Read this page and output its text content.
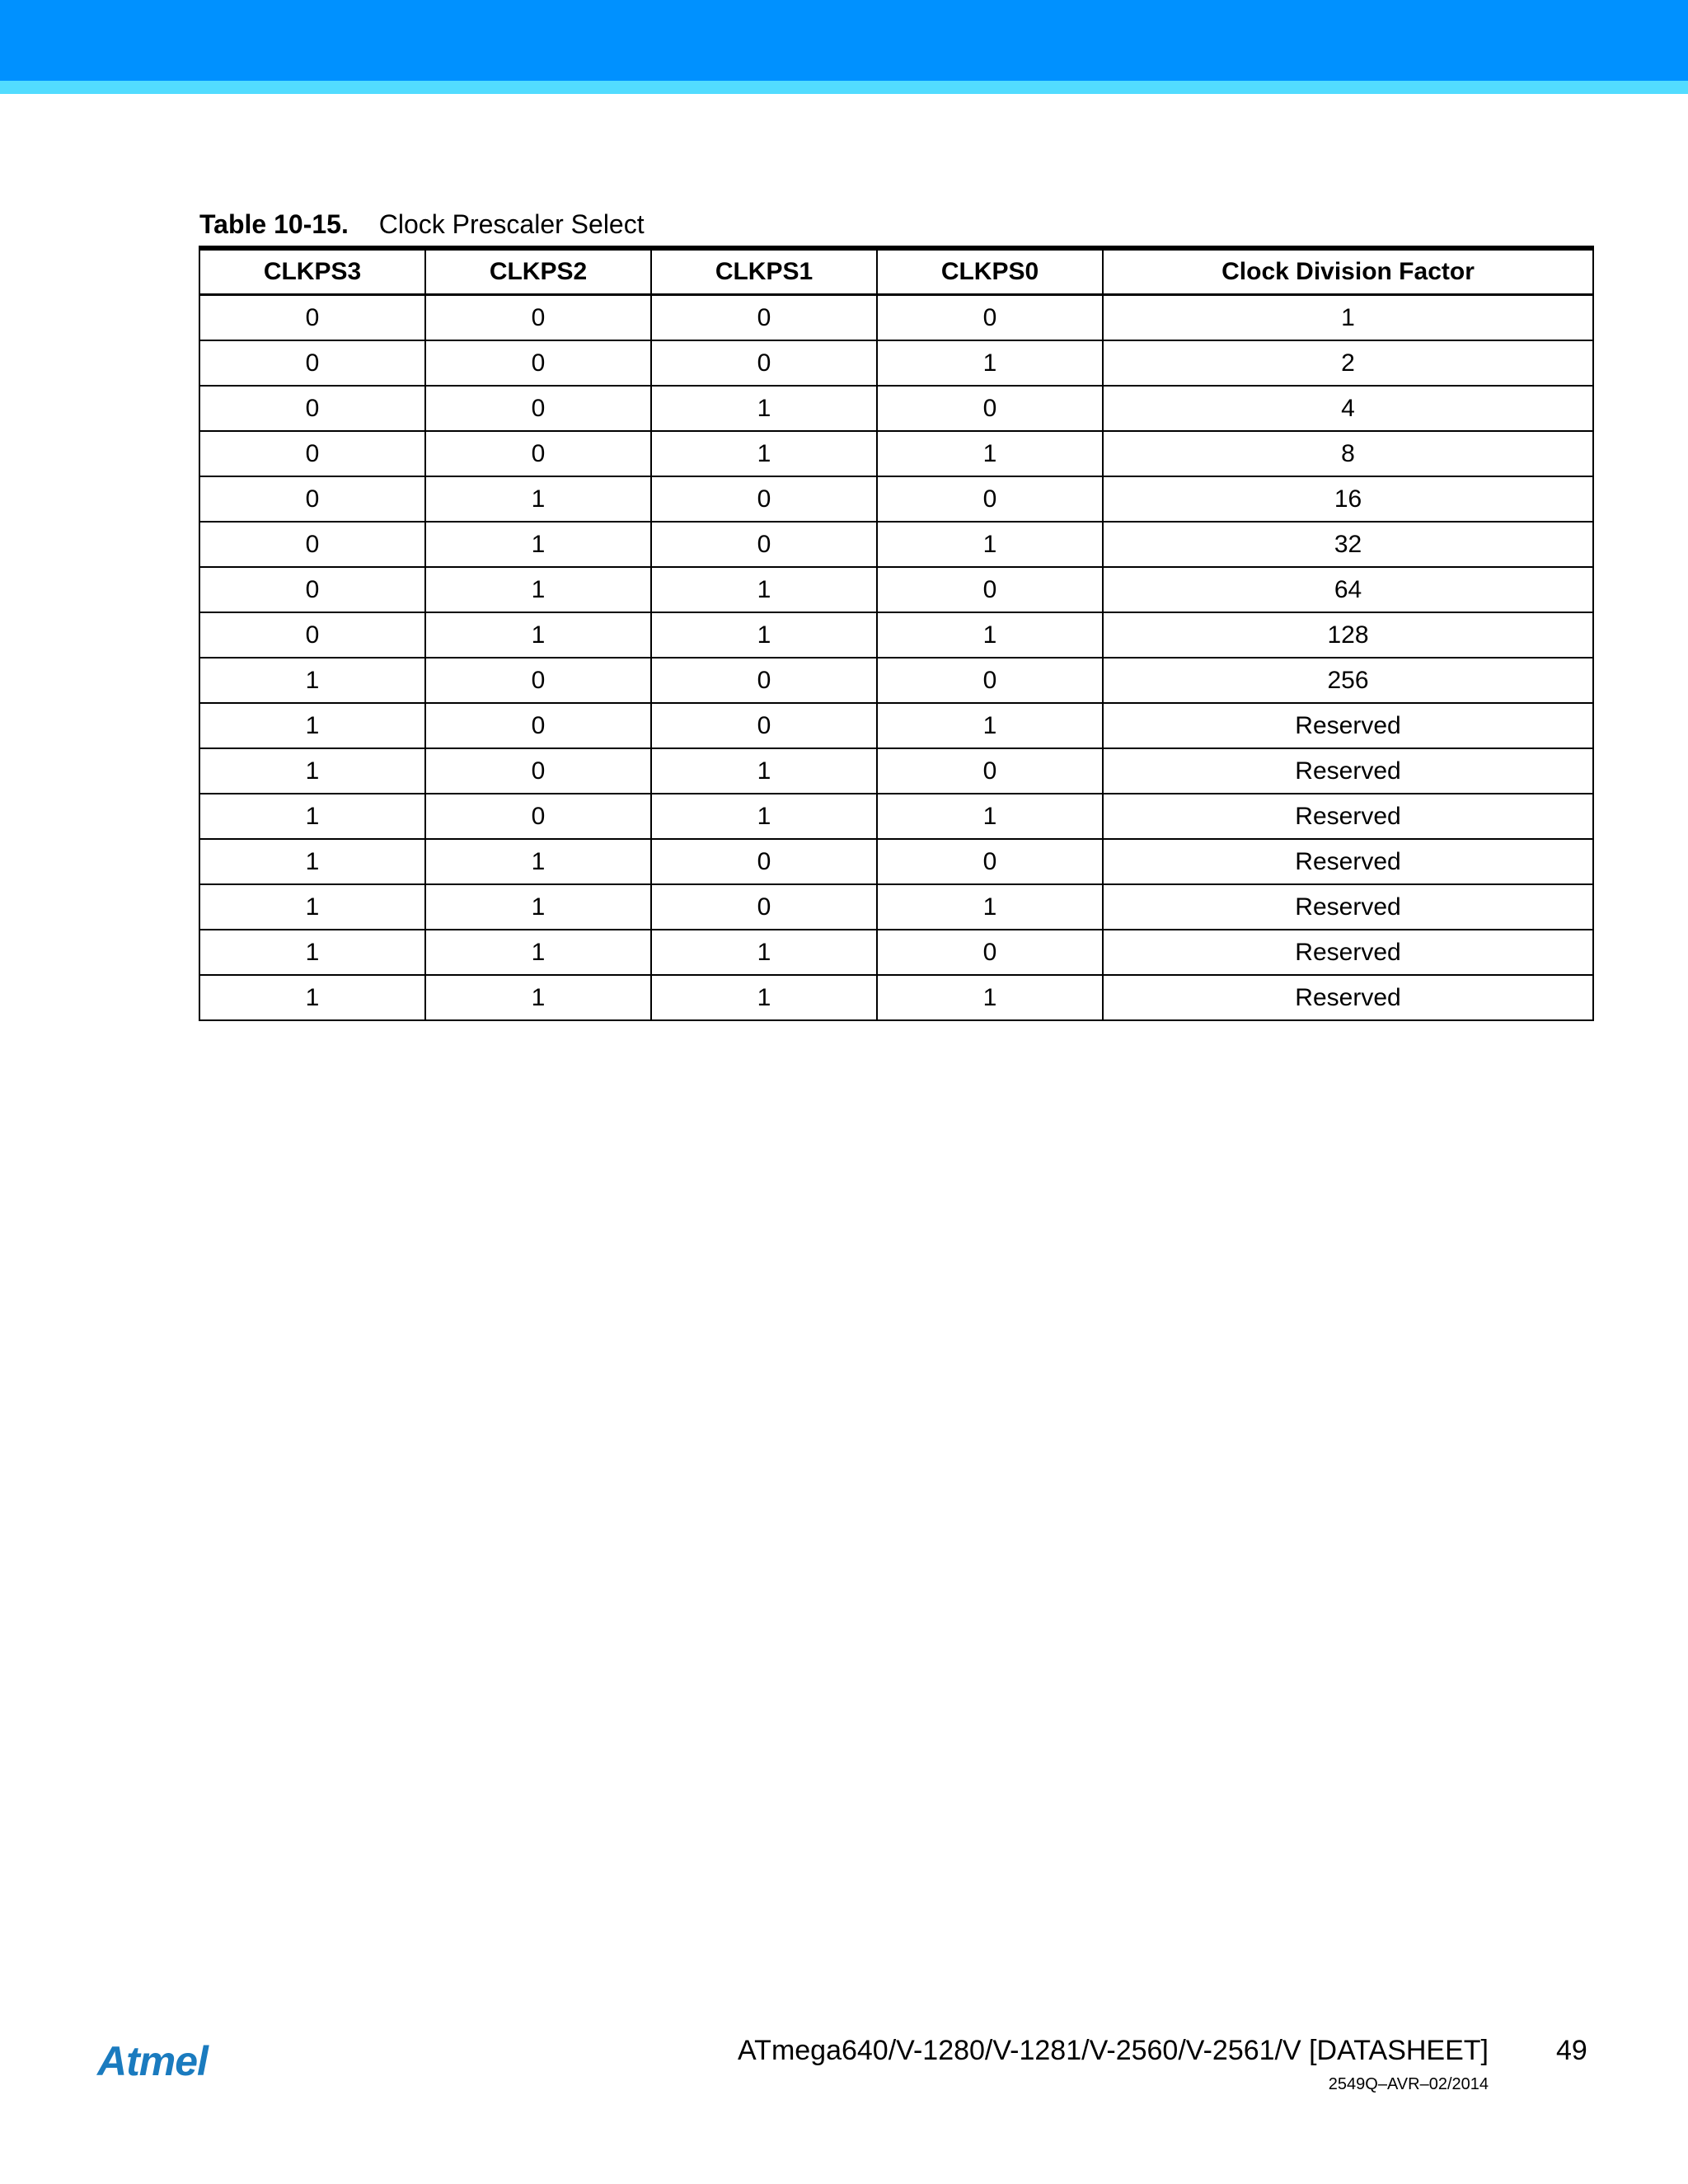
Table 10-15. Clock Prescaler Select
CLKPS3	CLKPS2	CLKPS1	CLKPS0	Clock Division Factor
0	0	0	0	1
0	0	0	1	2
0	0	1	0	4
0	0	1	1	8
0	1	0	0	16
0	1	0	1	32
0	1	1	0	64
0	1	1	1	128
1	0	0	0	256
1	0	0	1	Reserved
1	0	1	0	Reserved
1	0	1	1	Reserved
1	1	0	0	Reserved
1	1	0	1	Reserved
1	1	1	0	Reserved
1	1	1	1	Reserved
Atmel	ATmega640/V-1280/V-1281/V-2560/V-2561/V [DATASHEET] 49
2549Q–AVR–02/2014
